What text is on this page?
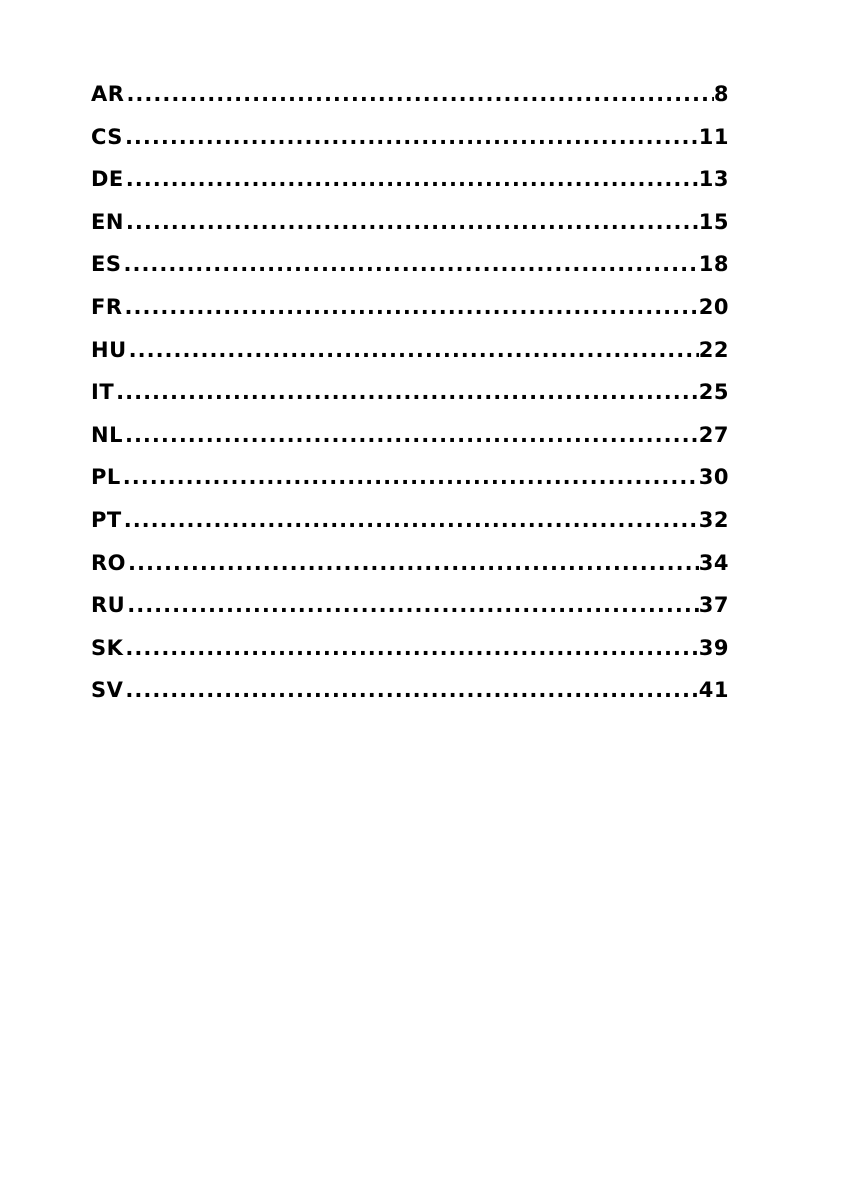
AR .....	8
CS .....	11
DE .....	13
EN .....	15
ES .....	18
FR .....	20
HU .....	22
IT .....	25
NL .....	27
PL .....	30
PT .....	32
RO .....	34
RU .....	37
SK .....	39
SV .....	41
